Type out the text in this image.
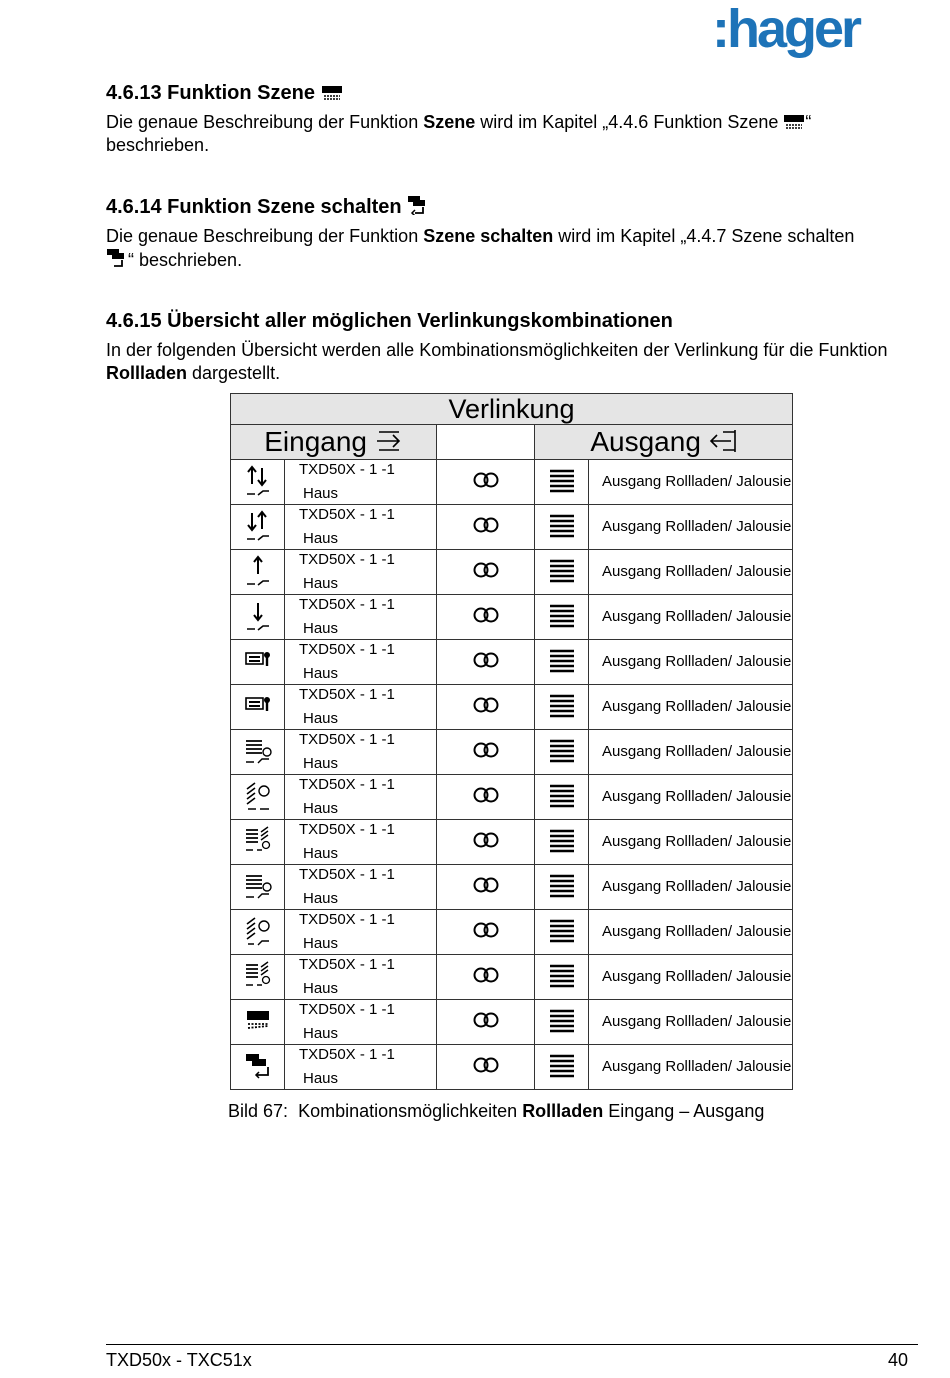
:hager
4.6.13 Funktion Szene
Die genaue Beschreibung der Funktion Szene wird im Kapitel „4.4.6 Funktion Szene “ beschrieben.
4.6.14 Funktion Szene schalten
Die genaue Beschreibung der Funktion Szene schalten wird im Kapitel „4.4.7 Szene schalten
“ beschrieben.
4.6.15 Übersicht aller möglichen Verlinkungskombinationen
In der folgenden Übersicht werden alle Kombinationsmöglichkeiten der Verlinkung für die Funktion Rollladen dargestellt.
Verlinkung				
Eingang			Ausgang	
	TXD50X - 1 -1
Haus			Ausgang Rollladen/ Jalousie
	TXD50X - 1 -1
Haus			Ausgang Rollladen/ Jalousie
	TXD50X - 1 -1
Haus			Ausgang Rollladen/ Jalousie
	TXD50X - 1 -1
Haus			Ausgang Rollladen/ Jalousie
	TXD50X - 1 -1
Haus			Ausgang Rollladen/ Jalousie
	TXD50X - 1 -1
Haus			Ausgang Rollladen/ Jalousie
	TXD50X - 1 -1
Haus			Ausgang Rollladen/ Jalousie
	TXD50X - 1 -1
Haus			Ausgang Rollladen/ Jalousie
	TXD50X - 1 -1
Haus			Ausgang Rollladen/ Jalousie
	TXD50X - 1 -1
Haus			Ausgang Rollladen/ Jalousie
	TXD50X - 1 -1
Haus			Ausgang Rollladen/ Jalousie
	TXD50X - 1 -1
Haus			Ausgang Rollladen/ Jalousie
	TXD50X - 1 -1
Haus			Ausgang Rollladen/ Jalousie
	TXD50X - 1 -1
Haus			Ausgang Rollladen/ Jalousie
Bild 67: Kombinationsmöglichkeiten Rollladen Eingang – Ausgang
TXD50x - TXC51x	40
